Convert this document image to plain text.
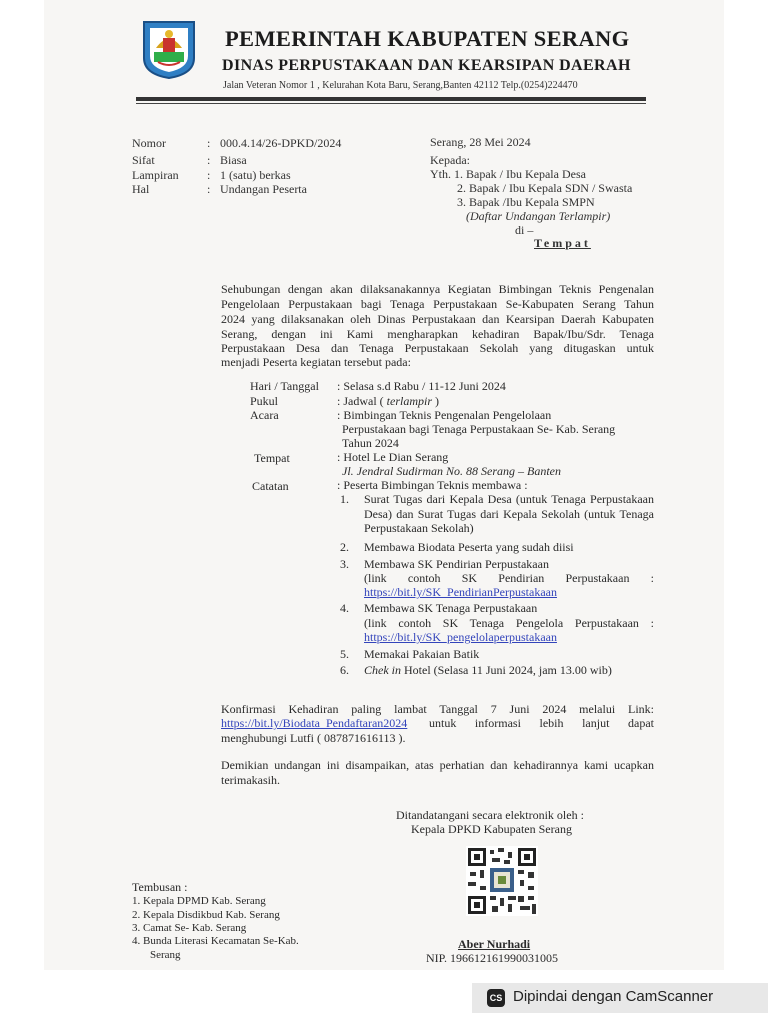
PEMERINTAH KABUPATEN SERANG
DINAS PERPUSTAKAAN DAN KEARSIPAN DAERAH
Jalan Veteran Nomor 1 , Kelurahan Kota Baru, Serang,Banten 42112 Telp.(0254)224470
Nomor	: 000.4.14/26-DPKD/2024
Sifat	: Biasa
Lampiran : 1 (satu) berkas
Hal	: Undangan Peserta
Serang, 28 Mei 2024
Kepada:
Yth. 1. Bapak / Ibu Kepala Desa
2. Bapak / Ibu Kepala SDN / Swasta
3. Bapak /Ibu Kepala SMPN
(Daftar Undangan Terlampir)
di –
Tempat
Sehubungan dengan akan dilaksanakannya Kegiatan Bimbingan Teknis Pengenalan
Pengelolaan Perpustakaan bagi Tenaga Perpustakaan Se-Kabupaten Serang Tahun
2024 yang dilaksanakan oleh Dinas Perpustakaan dan Kearsipan Daerah Kabupaten
Serang, dengan ini Kami mengharapkan kehadiran Bapak/Ibu/Sdr. Tenaga
Perpustakaan Desa dan Tenaga Perpustakaan Sekolah yang ditugaskan untuk
menjadi Peserta kegiatan tersebut pada:
Hari / Tanggal : Selasa s.d Rabu / 11-12 Juni 2024
Pukul	: Jadwal ( terlampir )
Acara	: Bimbingan Teknis Pengenalan Pengelolaan
Perpustakaan bagi Tenaga Perpustakaan Se- Kab. Serang
Tahun 2024
Tempat	: Hotel Le Dian Serang
Jl. Jendral Sudirman No. 88 Serang – Banten
Catatan	: Peserta Bimbingan Teknis membawa :
1. Surat Tugas dari Kepala Desa (untuk Tenaga Perpustakaan
Desa) dan Surat Tugas dari Kepala Sekolah (untuk Tenaga
Perpustakaan Sekolah)
2. Membawa Biodata Peserta yang sudah diisi
3. Membawa SK Pendirian Perpustakaan
(link contoh SK Pendirian Perpustakaan :
https://bit.ly/SK_PendirianPerpustakaan
4. Membawa SK Tenaga Perpustakaan
(link contoh SK Tenaga Pengelola Perpustakaan :
https://bit.ly/SK_pengelolaperpustakaan
5. Memakai Pakaian Batik
6. Chek in Hotel (Selasa 11 Juni 2024, jam 13.00 wib)
Konfirmasi Kehadiran paling lambat Tanggal 7 Juni 2024 melalui Link:
https://bit.ly/Biodata_Pendaftaran2024 untuk informasi lebih lanjut dapat
menghubungi Lutfi ( 087871616113 ).
Demikian undangan ini disampaikan, atas perhatian dan kehadirannya kami ucapkan
terimakasih.
Ditandatangani secara elektronik oleh :
Kepala DPKD Kabupaten Serang
Aber Nurhadi
NIP. 196612161990031005
Tembusan :
1. Kepala DPMD Kab. Serang
2. Kepala Disdikbud Kab. Serang
3. Camat Se- Kab. Serang
4. Bunda Literasi Kecamatan Se-Kab.
Serang
CS Dipindai dengan CamScanner
